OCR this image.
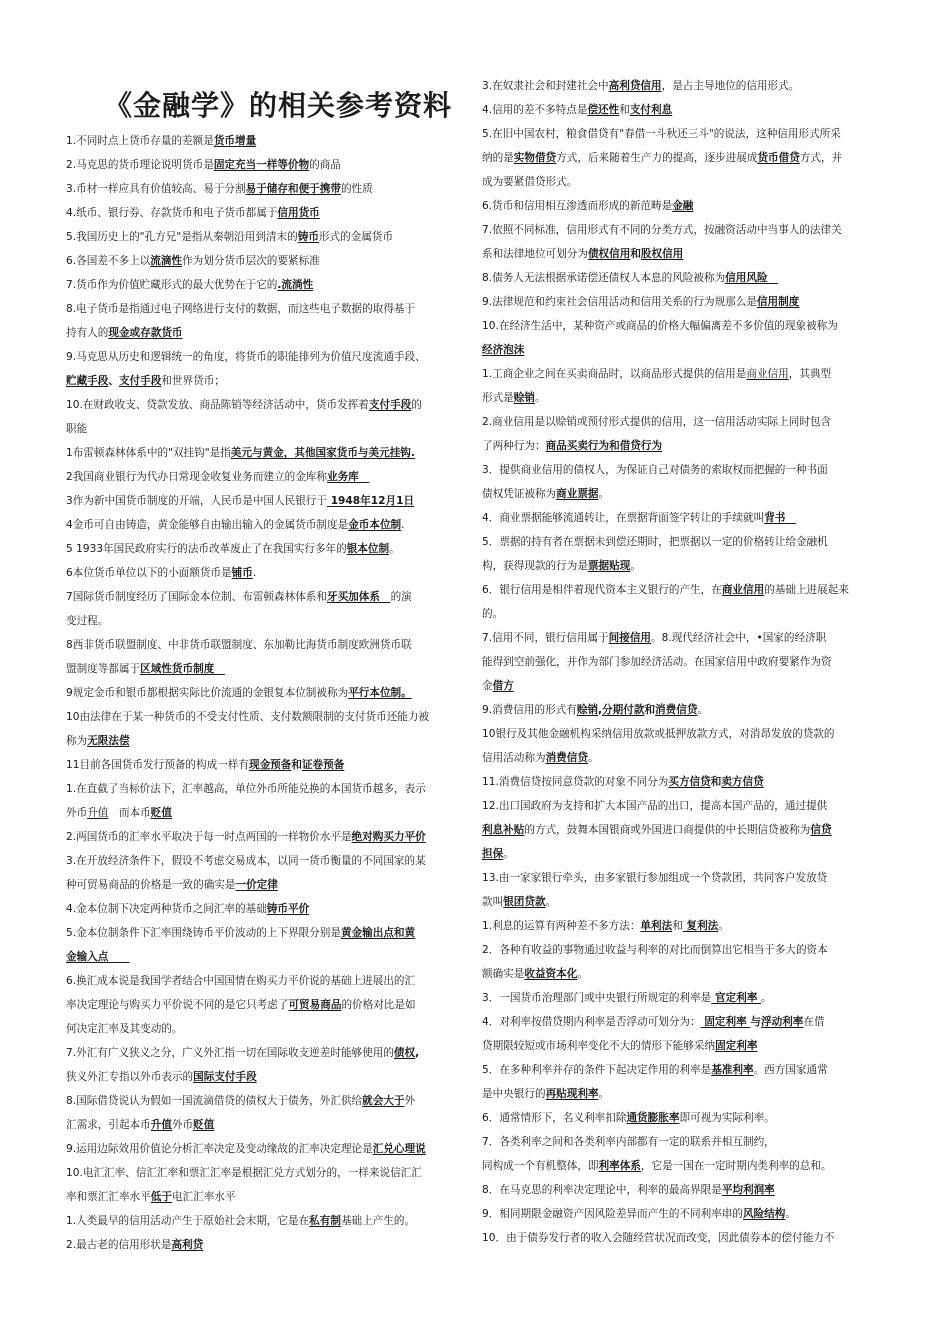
《金融学》的相关参考资料
1.不同时点上货币存量的差额是货币增量
2.马克思的货币理论说明货币是固定充当一样等价物的商品
3.币材一样应具有价值较高、易于分割易于储存和便于携带的性质
4.纸币、银行券、存款货币和电子货币都属于信用货币
5.我国历史上的"孔方兄"是指从秦朝沿用到清末的铸币形式的金属货币
6.各国差不多上以流滴性作为划分货币层次的要紧标准
7.货币作为价值贮藏形式的最大优势在于它的.流淌性
8.电子货币是指通过电子网络进行支付的数据，而这些电子数据的取得基于
持有人的现金或存款货币
9.马克思从历史和逻辑统一的角度，将货币的职能排列为价值尺度流通手段、
贮藏手段、支付手段和世界货币；
10.在财政收支、贷款发放、商品陈销等经济活动中，货币发挥着支付手段的
职能
1布雷顿森林体系中的"双挂钩"是指美元与黄金，其他国家货币与美元挂钩.
2我国商业银行为代办日常现金收复业务而建立的金库称业务库　
3作为新中国货币制度的开端，人民币是中国人民银行于 1948年12月1日
4金币可自由铸造，黄金能够自由输出输入的金属货币制度是金币本位制.
5 1933年国民政府实行的法币改革废止了在我国实行多年的银本位制。
6本位货币单位以下的小面额货币是铺币.
7国际货币制度经历了国际金本位制、布雷顿森林体系和牙买加体系　的演
变过程。
8西非货币联盟制度、中非货币联盟制度、东加勒比海货币制度欧洲货币联
盟制度等都属于区域性货币制度　
9规定金币和银币都根据实际比价流通的金银复本位制被称为平行本位制。
10由法律在于某一种货币的不受支付性质、支付数额限制的支付货币还能力被
称为无限法偿
11目前各国货币发行预备的构成一样有现金预备和证卷预备
1.在直截了当标价法下，汇率越高，单位外币所能兑换的本国货币越多，表示
外币升值　而本币贬值
2.两国货币的汇率水平取决于每一时点两国的一样物价水平是绝对购买力平价
3.在开放经济条件下，假设不考虑交易成本，以同一货币衡量的不同国家的某
种可贸易商品的价格是一致的确实是一价定律
4.金本位制下决定两种货币之间汇率的基础铸币平价
5.金本位制条件下汇率围绕铸币平价波动的上下界限分别是黄金输出点和黄
金输入点　　
6.换汇成本说是我国学者结合中国国情在购买力平价说的基础上进展出的汇
率决定理论与购买力平价说不同的是它只考虑了可贸易商品的价格对比是如
何决定汇率及其变动的。
7.外汇有广义狭义之分，广义外汇指一切在国际收支逆差时能够使用的债权,
狭义外汇专指以外币表示的国际支付手段
8.国际借贷说认为假如一国流滴借贷的债权大于债务，外汇供给就会大于外
汇需求，引起本币升值外币贬值
9.运用边际效用价值论分析汇率决定及变动缘故的汇率决定理论是汇兑心理说
10.电汇汇率、信汇汇率和票汇汇率是根据汇兑方式划分的，一样来说信汇汇
率和票汇汇率水平低于电汇汇率水平
1.人类最早的信用活动产生于原始社会末期，它是在私有制基础上产生的。
2.最古老的信用形状是高利贷
3.在奴隶社会和封建社会中高利贷信用，是占主导地位的信用形式。
4.信用的差不多特点是偿还性和支付利息
5.在旧中国农村，粮食借贷有"春借一斗秋还三斗"的说法，这种信用形式所采
纳的是实物借贷方式，后来随着生产力的提高，逐步进展成货币借贷方式，并
成为要紧借贷形式。
6.货币和信用相互渗透而形成的新范畴是金融
7.依照不同标准，信用形式有不同的分类方式，按融资活动中当事人的法律关
系和法律地位可划分为债权信用和股权信用
8.债务人无法根据承诺偿还债权人本息的风险被称为信用风险　
9.法律规范和约束社会信用活动和信用关系的行为规那么是信用制度
10.在经济生活中，某种资产或商品的价格大幅偏离差不多价值的现象被称为
经济泡沫
1.工商企业之间在买卖商品时，以商品形式提供的信用是商业信用，其典型
形式是赊销。
2.商业信用是以赊销或预付形式提供的信用，这一信用活动实际上同时包含
了两种行为：商品买卖行为和借贷行为
3．提供商业信用的债权人，为保证自己对债务的索取权而把握的一种书面
债权凭证被称为商业票据。
4．商业票据能够流通转让，在票据背面签字转让的手续就叫背书　
5．票据的持有者在票据未到偿还期时，把票据以一定的价格转让给金融机
构，获得现款的行为是票据贴现。
6．银行信用是相伴着现代资本主义银行的产生，在商业信用的基础上进展起来
的。
7.信用不同，银行信用属于间接信用。8.现代经济社会中，•国家的经济职
能得到空前强化，并作为部门参加经济活动。在国家信用中政府要紧作为资
金借方
9.消费信用的形式有赊销,分期付款和消费信贷。
10银行及其他金融机构采纳信用放款或抵押放款方式，对消昂发放的贷款的
信用活动称为消费信贷。
11.消费信贷按同意贷款的对象不同分为买方信贷和卖方信贷
12.出口国政府为支持和扩大本国产品的出口，提高本国产品的，通过提供
利息补贴的方式，鼓舞本国银商或外国进口商提供的中长期信贷被称为信贷
担保。
13.由一家家银行牵头，由多家银行参加组成一个贷款团，共同客户发放贷
款叫银团贷款。
1.利息的运算有两种差不多方法：单利法和 复利法。
2．各种有收益的事物通过收益与利率的对比而倒算出它相当于多大的资本
额确实是收益资本化。
3．一国货币治理部门或中央银行所规定的利率是 官定利率 。
4．对利率按借贷期内利率是否浮动可划分为： 固定利率 与浮动利率在借
贷期限较短或市场利率变化不大的情形下能够采纳固定利率
5．在多种利率并存的条件下起决定作用的利率是基准利率。西方国家通常
是中央银行的再贴现利率。
6．通常情形下，名义利率扣除通货膨胀率即可视为实际利率。
7．各类利率之间和各类利率内部都有一定的联系并相互制约，
同构成一个有机整体，即利率体系，它是一国在一定时期内类利率的总和。
8．在马克思的利率决定理论中，利率的最高界限是平均利润率
9．相同期限金融资产因风险差异而产生的不同利率串的风险结构。
10．由于债券发行者的收入会随经营状况而改变，因此债券本的偿付能力不
